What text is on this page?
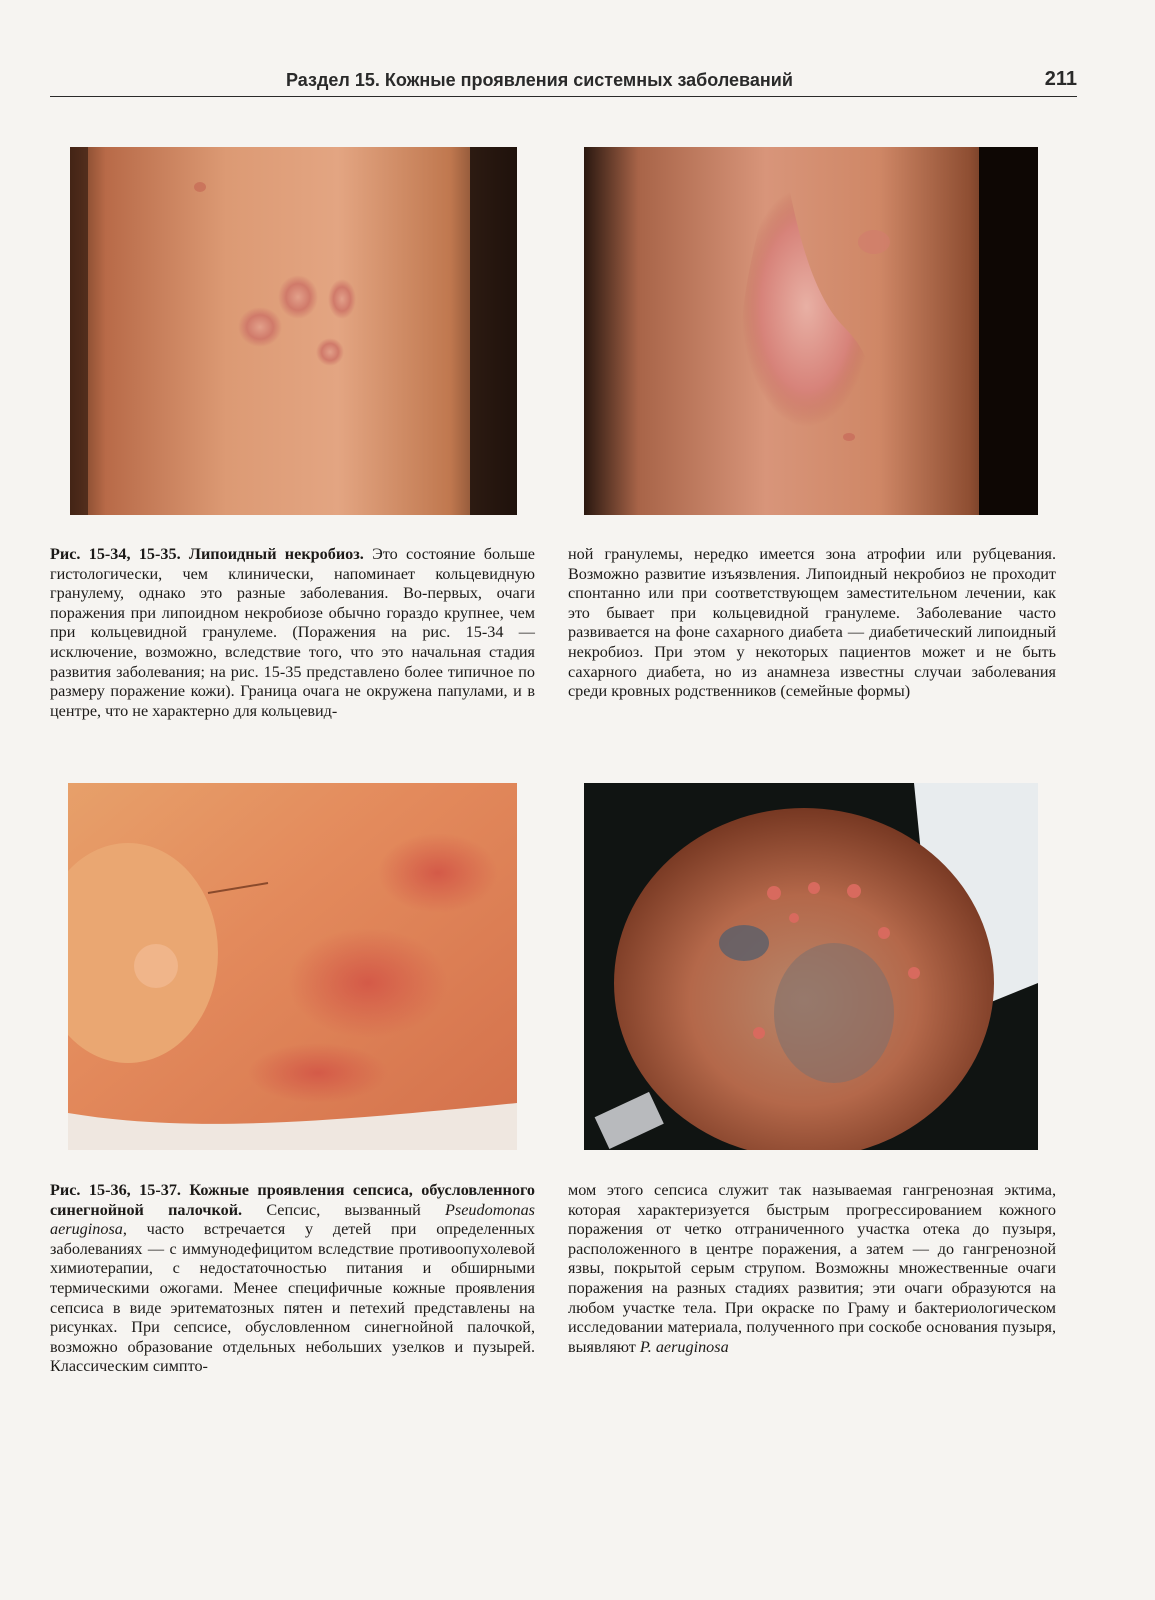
Раздел 15. Кожные проявления системных заболеваний	211
Рис. 15-34, 15-35. Липоидный некробиоз. Это состояние больше гистологически, чем клинически, напоминает кольцевидную гранулему, однако это разные заболевания. Во-первых, очаги поражения при липоидном некробиозе обычно гораздо крупнее, чем при кольцевидной гранулеме. (Поражения на рис. 15-34 — исключение, возможно, вследствие того, что это начальная стадия развития заболевания; на рис. 15-35 представлено более типичное по размеру поражение кожи). Граница очага не окружена папулами, и в центре, что не характерно для кольцевид-
ной гранулемы, нередко имеется зона атрофии или рубцевания. Возможно развитие изъязвления. Липоидный некробиоз не проходит спонтанно или при соответствующем заместительном лечении, как это бывает при кольцевидной гранулеме. Заболевание часто развивается на фоне сахарного диабета — диабетический липоидный некробиоз. При этом у некоторых пациентов может и не быть сахарного диабета, но из анамнеза известны случаи заболевания среди кровных родственников (семейные формы)
Рис. 15-36, 15-37. Кожные проявления сепсиса, обусловленного синегнойной палочкой. Сепсис, вызванный Pseudomonas aeruginosa, часто встречается у детей при определенных заболеваниях — с иммунодефицитом вследствие противоопухолевой химиотерапии, с недостаточностью питания и обширными термическими ожогами. Менее специфичные кожные проявления сепсиса в виде эритематозных пятен и петехий представлены на рисунках. При сепсисе, обусловленном синегнойной палочкой, возможно образование отдельных небольших узелков и пузырей. Классическим симпто-
мом этого сепсиса служит так называемая гангренозная эктима, которая характеризуется быстрым прогрессированием кожного поражения от четко отграниченного участка отека до пузыря, расположенного в центре поражения, а затем — до гангренозной язвы, покрытой серым струпом. Возможны множественные очаги поражения на разных стадиях развития; эти очаги образуются на любом участке тела. При окраске по Граму и бактериологическом исследовании материала, полученного при соскобе основания пузыря, выявляют P. aeruginosa
